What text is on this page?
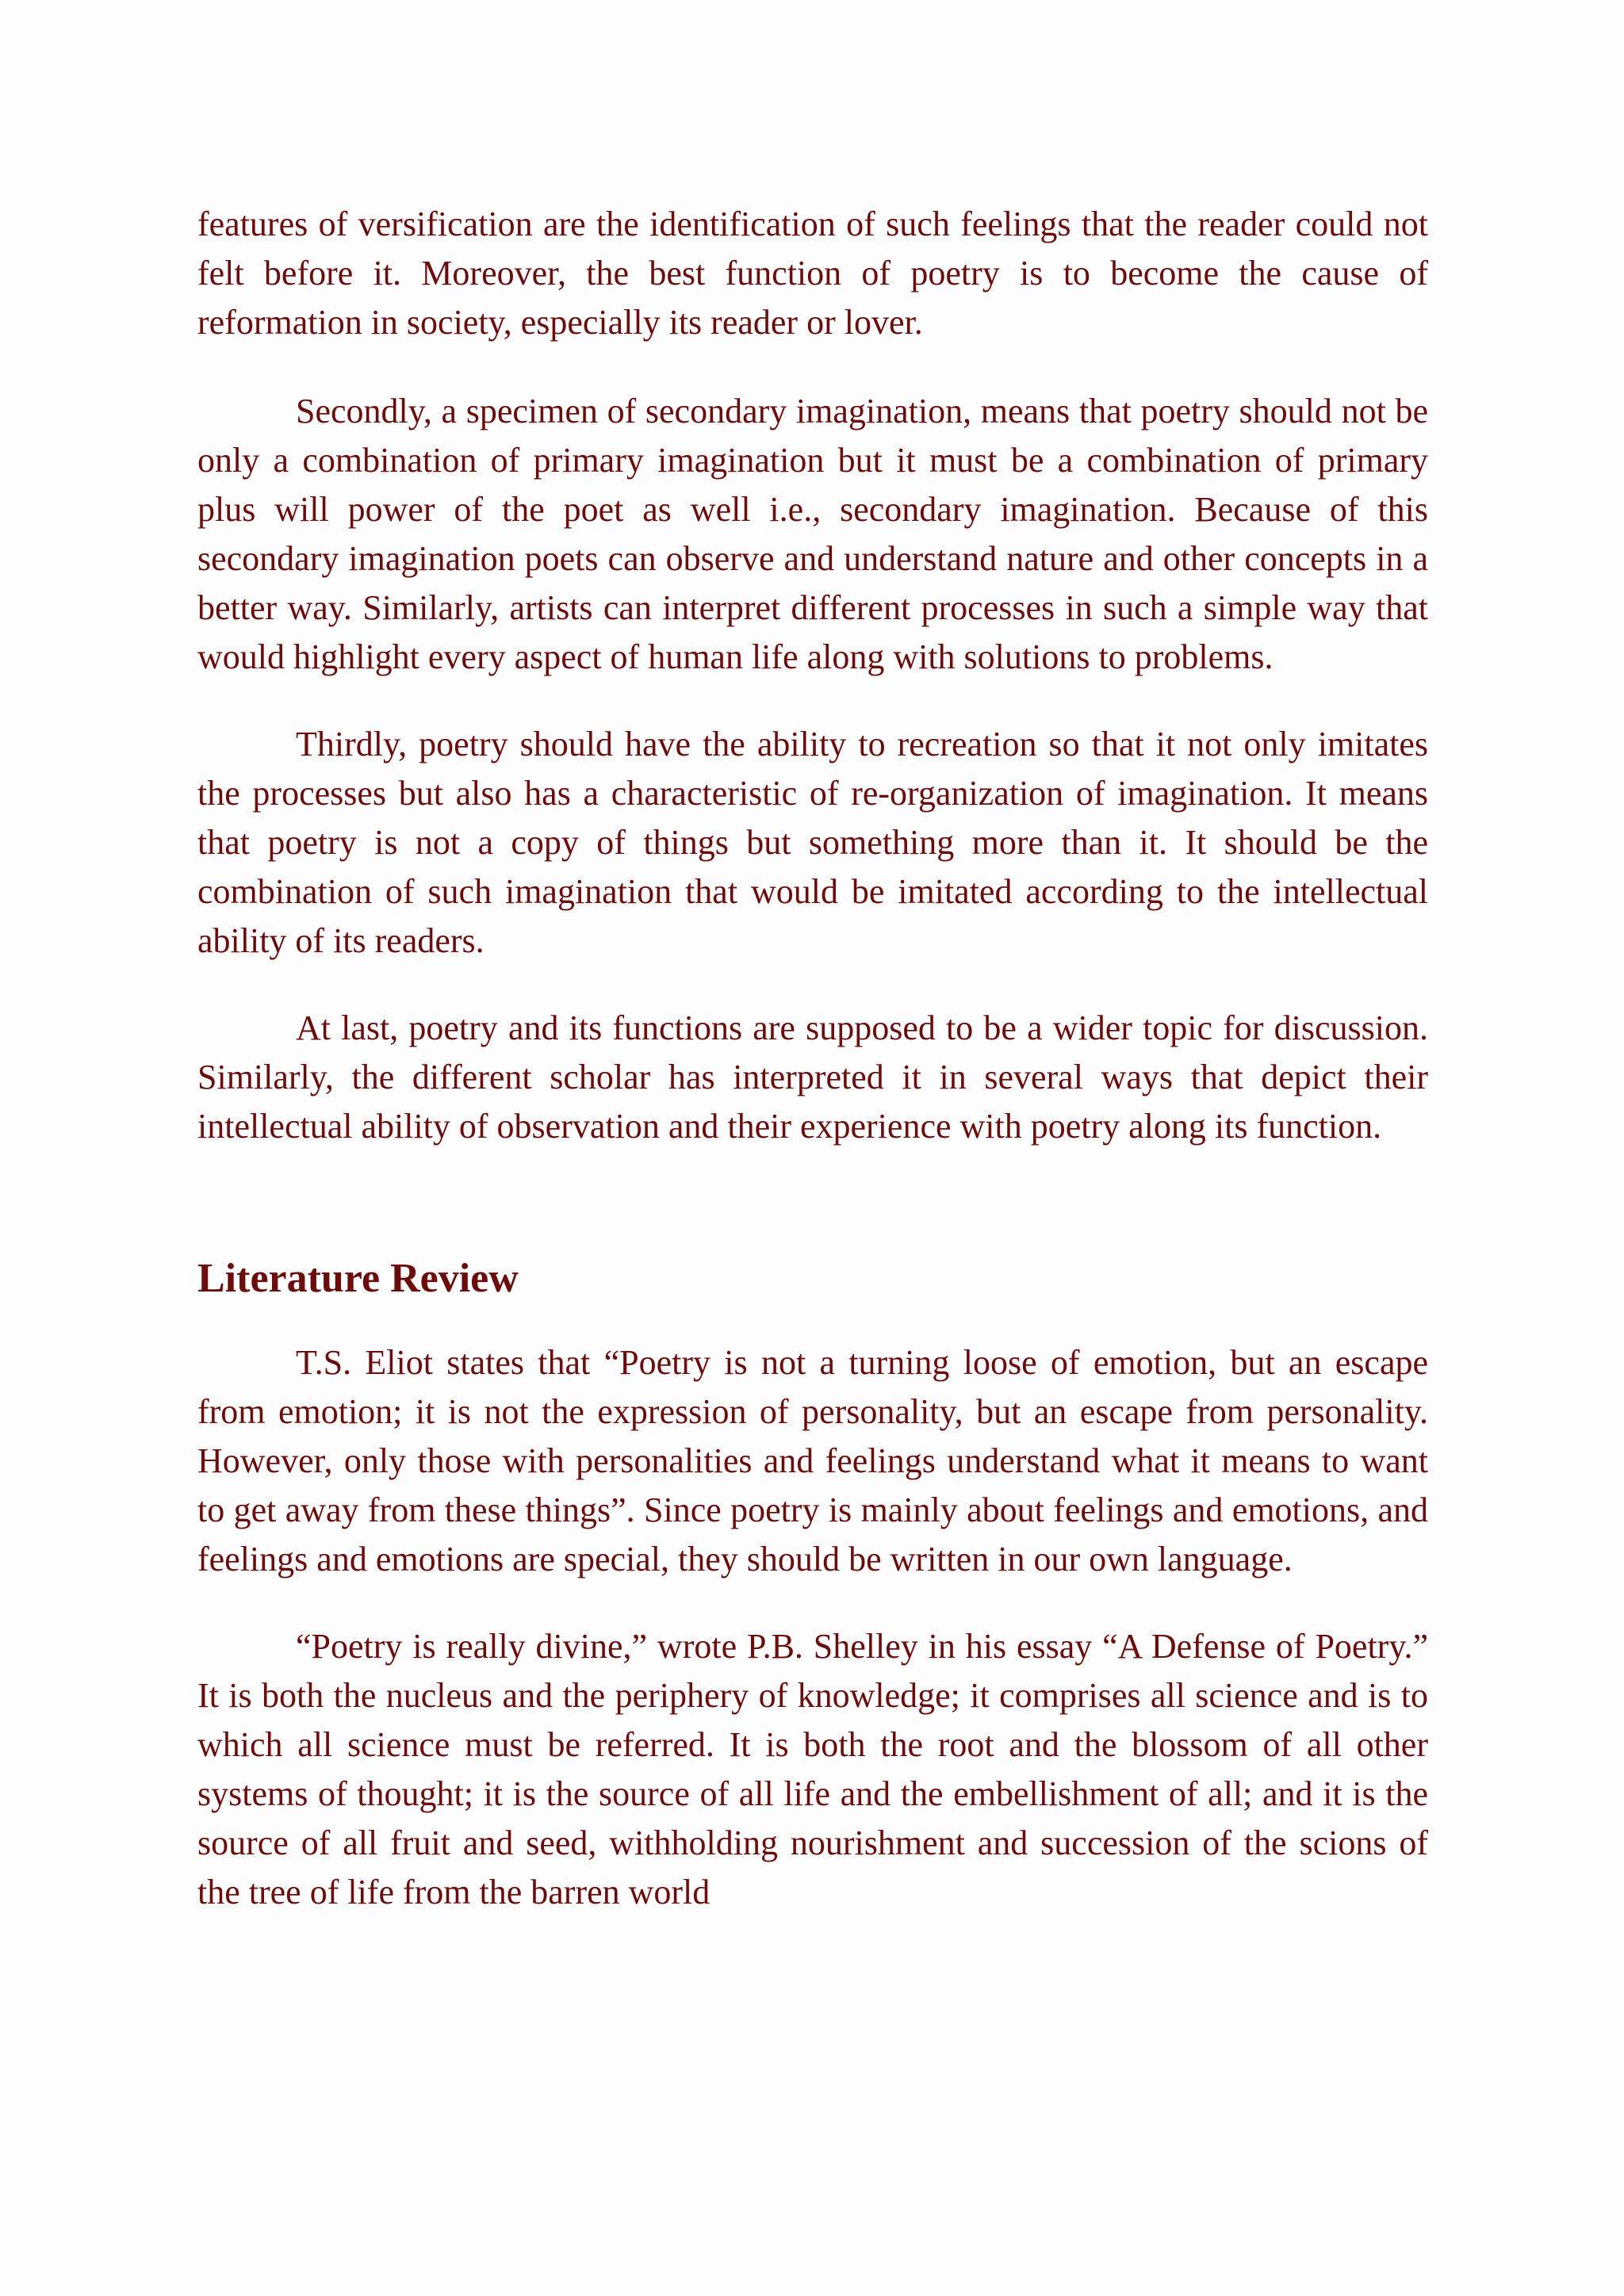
features of versification are the identification of such feelings that the reader could not felt before it. Moreover, the best function of poetry is to become the cause of reformation in society, especially its reader or lover.

Secondly, a specimen of secondary imagination, means that poetry should not be only a combination of primary imagination but it must be a combination of primary plus will power of the poet as well i.e., secondary imagination. Because of this secondary imagination poets can observe and understand nature and other concepts in a better way. Similarly, artists can interpret different processes in such a simple way that would highlight every aspect of human life along with solutions to problems.

Thirdly, poetry should have the ability to recreation so that it not only imitates the processes but also has a characteristic of re-organization of imagination. It means that poetry is not a copy of things but something more than it. It should be the combination of such imagination that would be imitated according to the intellectual ability of its readers.

At last, poetry and its functions are supposed to be a wider topic for discussion. Similarly, the different scholar has interpreted it in several ways that depict their intellectual ability of observation and their experience with poetry along its function.

Literature Review

T.S. Eliot states that “Poetry is not a turning loose of emotion, but an escape from emotion; it is not the expression of personality, but an escape from personality. However, only those with personalities and feelings understand what it means to want to get away from these things”. Since poetry is mainly about feelings and emotions, and feelings and emotions are special, they should be written in our own language.

“Poetry is really divine,” wrote P.B. Shelley in his essay “A Defense of Poetry.” It is both the nucleus and the periphery of knowledge; it comprises all science and is to which all science must be referred. It is both the root and the blossom of all other systems of thought; it is the source of all life and the embellishment of all; and it is the source of all fruit and seed, withholding nourishment and succession of the scions of the tree of life from the barren world
